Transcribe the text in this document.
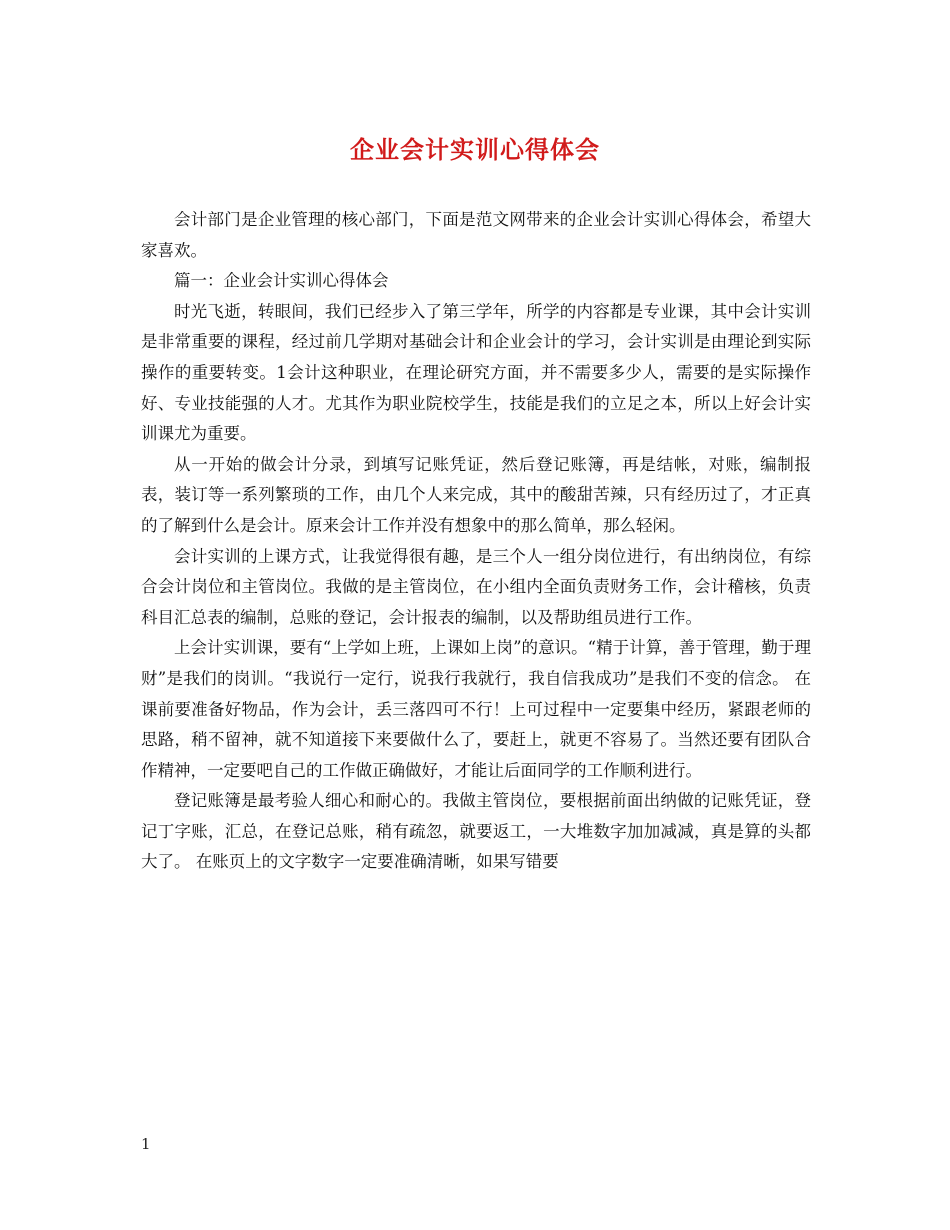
企业会计实训心得体会

会计部门是企业管理的核心部门，下面是范文网带来的企业会计实训心得体会，希望大家喜欢。

篇一：企业会计实训心得体会

时光飞逝，转眼间，我们已经步入了第三学年，所学的内容都是专业课，其中会计实训是非常重要的课程，经过前几学期对基础会计和企业会计的学习，会计实训是由理论到实际操作的重要转变。1会计这种职业，在理论研究方面，并不需要多少人，需要的是实际操作好、专业技能强的人才。尤其作为职业院校学生，技能是我们的立足之本，所以上好会计实训课尤为重要。

从一开始的做会计分录，到填写记账凭证，然后登记账簿，再是结帐，对账，编制报表，装订等一系列繁琐的工作，由几个人来完成，其中的酸甜苦辣，只有经历过了，才正真的了解到什么是会计。原来会计工作并没有想象中的那么简单，那么轻闲。

会计实训的上课方式，让我觉得很有趣，是三个人一组分岗位进行，有出纳岗位，有综合会计岗位和主管岗位。我做的是主管岗位，在小组内全面负责财务工作，会计稽核，负责科目汇总表的编制，总账的登记，会计报表的编制，以及帮助组员进行工作。

上会计实训课，要有“上学如上班，上课如上岗”的意识。“精于计算，善于管理，勤于理财”是我们的岗训。“我说行一定行，说我行我就行，我自信我成功”是我们不变的信念。 在课前要准备好物品，作为会计，丢三落四可不行！上可过程中一定要集中经历，紧跟老师的思路，稍不留神，就不知道接下来要做什么了，要赶上，就更不容易了。当然还要有团队合作精神，一定要吧自己的工作做正确做好，才能让后面同学的工作顺利进行。

登记账簿是最考验人细心和耐心的。我做主管岗位，要根据前面出纳做的记账凭证，登记丁字账，汇总，在登记总账，稍有疏忽，就要返工，一大堆数字加加减减，真是算的头都大了。 在账页上的文字数字一定要准确清晰，如果写错要

1
